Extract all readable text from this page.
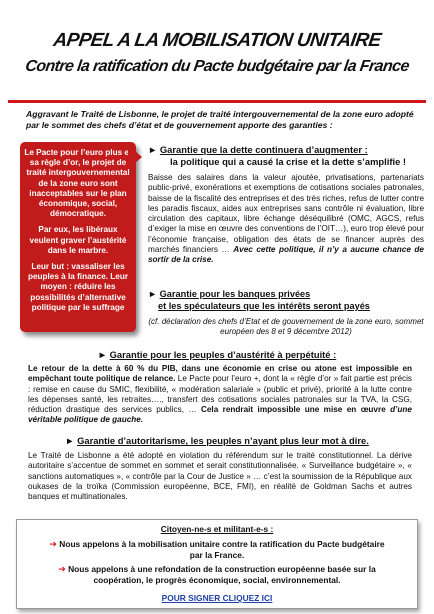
APPEL A LA MOBILISATION UNITAIRE
Contre la ratification du Pacte budgétaire par la France
Aggravant le Traité de Lisbonne, le projet de traité intergouvernemental de la zone euro adopté par le sommet des chefs d’état et de gouvernement apporte des garanties :

Le Pacte pour l’euro plus et sa règle d’or, le projet de traité intergouvernemental de la zone euro sont inacceptables sur le plan économique, social, démocratique.

Par eux, les libéraux veulent graver l’austérité dans le marbre.

Leur but : vassaliser les peuples à la finance. Leur moyen : réduire les possibilités d’alternative politique par le suffrage

► Garantie que la dette continuera d’augmenter :
la politique qui a causé la crise et la dette s’amplifie !
Baisse des salaires dans la valeur ajoutée, privatisations, partenariats public-privé, exonérations et exemptions de cotisations sociales patronales, baisse de la fiscalité des entreprises et des très riches, refus de lutter contre les paradis fiscaux, aides aux entreprises sans contrôle ni évaluation, libre circulation des capitaux, libre échange déséquilibré (OMC, AGCS, refus d’exiger la mise en œuvre des conventions de l’OIT…), euro trop élevé pour l’économie française, obligation des états de se financer auprès des marchés financiers … Avec cette politique, il n’y a aucune chance de sortir de la crise.
► Garantie pour les banques privées
et les spéculateurs que les intérêts seront payés
(cf. déclaration des chefs d’Etat et de gouvernement de la zone euro, sommet européen des 8 et 9 décembre 2012)
► Garantie pour les peuples d’austérité à perpétuité :
Le retour de la dette à 60 % du PIB, dans une économie en crise ou atone est impossible en empêchant toute politique de relance. Le Pacte pour l’euro +, dont la « règle d’or » fait partie est précis : remise en cause du SMIC, flexibilité, « modération salariale » (public et privé), priorité à la lutte contre les dépenses santé, les retraites…., transfert des cotisations sociales patronales sur la TVA, la CSG, réduction drastique des services publics, … Cela rendrait impossible une mise en œuvre d’une véritable politique de gauche.
► Garantie d’autoritarisme, les peuples n’ayant plus leur mot à dire.
Le Traité de Lisbonne a été adopté en violation du référendum sur le traité constitutionnel. La dérive autoritaire s’accentue de sommet en sommet et serait constitutionnalisée. « Surveillance budgétaire », « sanctions automatiques », « contrôle par la Cour de Justice » … c’est la soumission de la République aux oukases de la troïka (Commission européenne, BCE, FMI), en réalité de Goldman Sachs et autres banques et multinationales.
Citoyen-ne-s et militant-e-s :
➔ Nous appelons à la mobilisation unitaire contre la ratification du Pacte budgétaire par la France.
➔ Nous appelons à une refondation de la construction européenne basée sur la coopération, le progrès économique, social, environnemental.
POUR SIGNER CLIQUEZ ICI
